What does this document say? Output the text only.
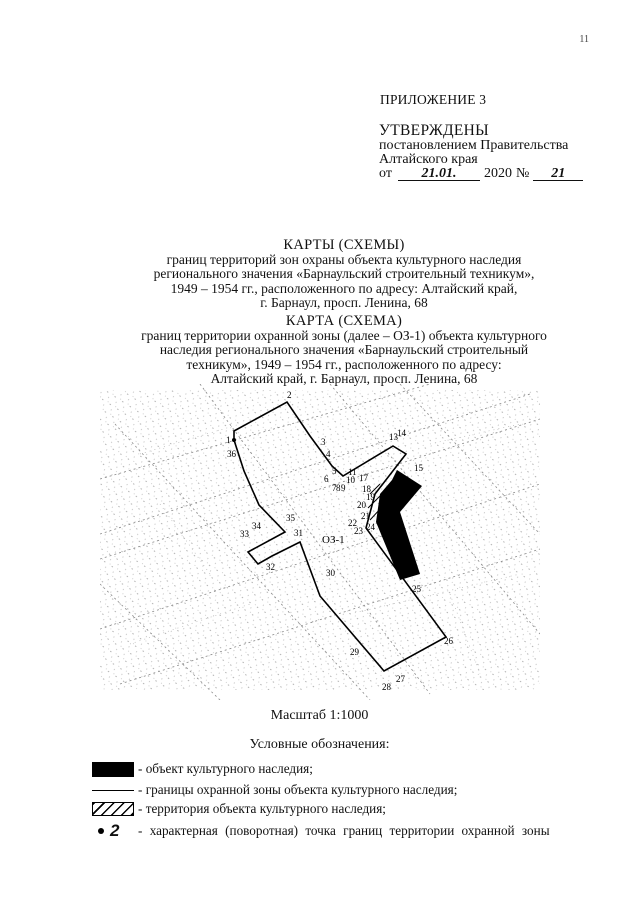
11
ПРИЛОЖЕНИЕ 3
УТВЕРЖДЕНЫ
постановлением Правительства
Алтайского края
от	21.01.	2020 №	21
КАРТЫ (СХЕМЫ)
границ территорий зон охраны объекта культурного наследия
регионального значения «Барнаульский строительный техникум»,
1949 – 1954 гг., расположенного по адресу: Алтайский край,
г. Барнаул, просп. Ленина, 68
КАРТА (СХЕМА)
границ территории охранной зоны (далее – ОЗ-1) объекта культурного
наследия регионального значения «Барнаульский строительный
техникум», 1949 – 1954 гг., расположенного по адресу:
Алтайский край, г. Барнаул, просп. Ленина, 68
1
2
3
4
5
6
7 8 9
10
11
13 14
15
16
17
18
19
20
21
22
23 24
25
26
27
28
29
30
31
32
33
34
35
36
ОЗ-1
Масштаб 1:1000
Условные обозначения:
- объект культурного наследия;
- границы охранной зоны объекта культурного наследия;
- территория объекта культурного наследия;
2 - характерная (поворотная) точка границ территории охранной зоны
